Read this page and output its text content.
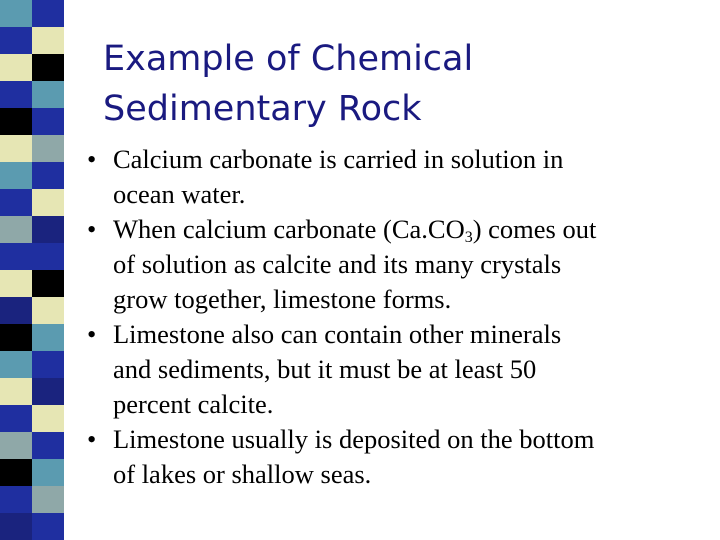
Example of Chemical
Sedimentary Rock
• Calcium carbonate is carried in solution in
ocean water.
• When calcium carbonate $(Ca.CO_3)$ comes out
of solution as calcite and its many crystals
grow together, limestone forms.
• Limestone also can contain other minerals
and sediments, but it must be at least 50
percent calcite.
• Limestone usually is deposited on the bottom
of lakes or shallow seas.
